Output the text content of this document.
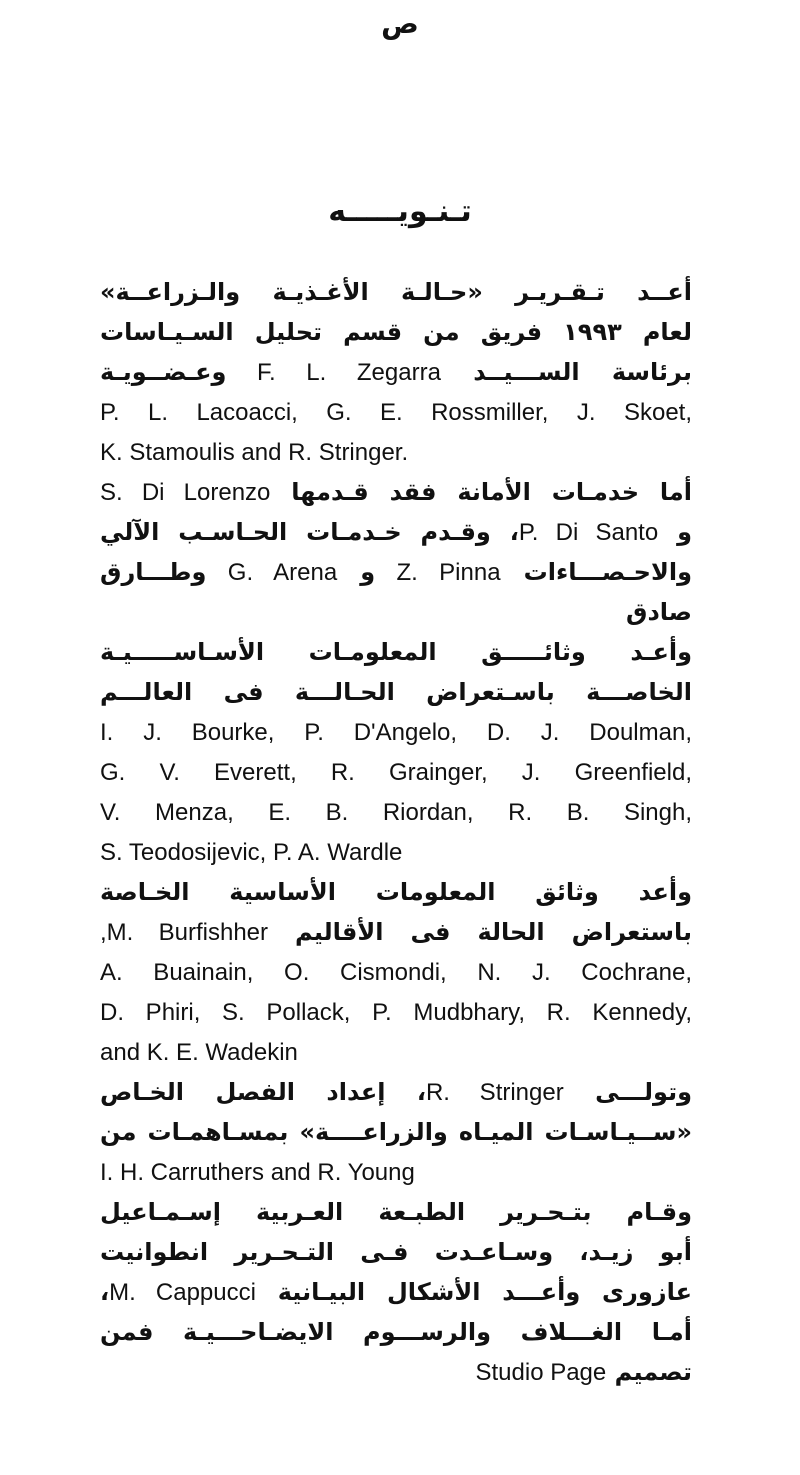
ص
تـنـويـــــه
أعــد تـقـريـر «حـالـة الأغـذيـة والـزراعــة»
لعام ١٩٩٣ فريق من قسم تحليل السـيـاسات
برئاسة الســـيــد F. L. Zegarra وعـضــويـة
P. L. Lacoacci, G. E. Rossmiller, J. Skoet,
K. Stamoulis and R. Stringer.
أما خدمـات الأمانة فقد قـدمها S. Di Lorenzo
و P. Di Santo، وقـدم خـدمـات الحـاسـب الآلي
والاحـصـــاءات Z. Pinna و G. Arena وطـــارق
صادق
وأعـد وثائـــــق المعلومـات الأسـاســـــيـة
الخاصـــة باسـتعراض الحـالـــة فى العالـــم
I. J. Bourke, P. D'Angelo, D. J. Doulman,
G. V. Everett, R. Grainger, J. Greenfield,
V. Menza, E. B. Riordan, R. B. Singh,
S. Teodosijevic, P. A. Wardle
وأعد وثائق المعلومات الأساسية الخـاصة
باستعراض الحالة فى الأقاليم M. Burfishher,
A. Buainain, O. Cismondi, N. J. Cochrane,
D. Phiri, S. Pollack, P. Mudbhary, R. Kennedy,
and K. E. Wadekin
وتولـــى R. Stringer، إعداد الفصل الخـاص
«ســيـاسـات الميـاه والزراعــــة» بمسـاهمـات من
I. H. Carruthers and R. Young
وقـام بتـحـرير الطبـعة العـربية إسـمـاعيل
أبو زيـد، وسـاعـدت فـى التـحـرير انطوانيت
عازورى وأعـــد الأشكال البيـانية M. Cappucci،
أمـا الغـــلاف والرســـوم الايضـاحـــيـة فمن
تصميم Studio Page
